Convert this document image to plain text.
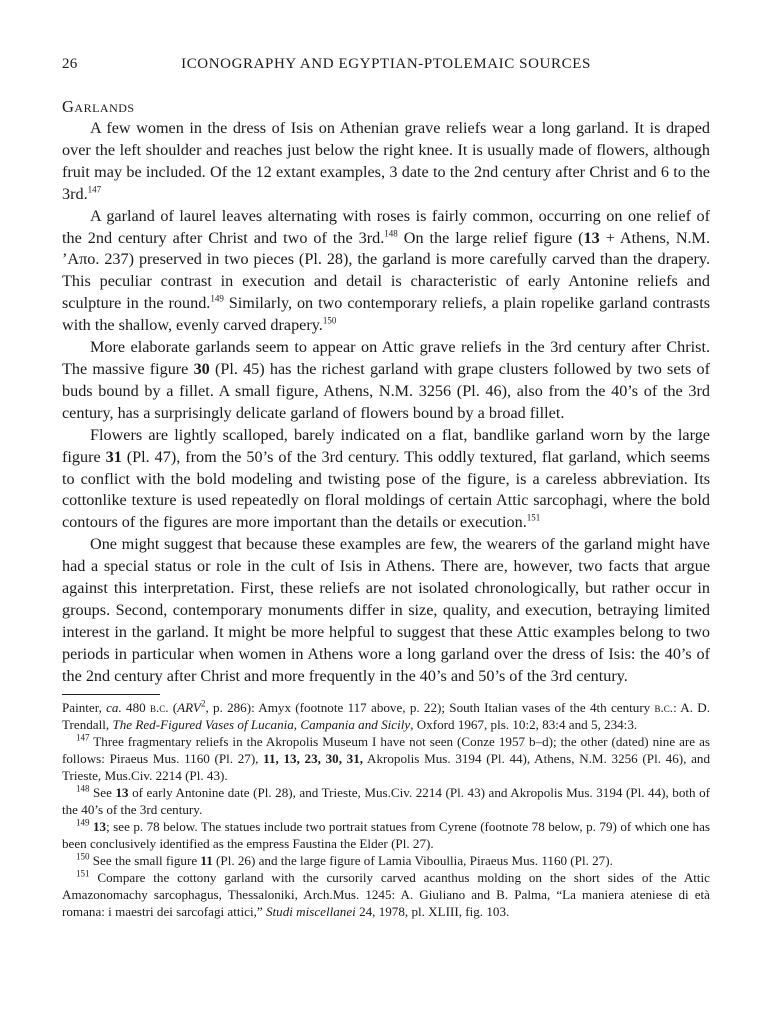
26	ICONOGRAPHY AND EGYPTIAN-PTOLEMAIC SOURCES
Garlands

A few women in the dress of Isis on Athenian grave reliefs wear a long garland. It is draped over the left shoulder and reaches just below the right knee. It is usually made of flowers, although fruit may be included. Of the 12 extant examples, 3 date to the 2nd century after Christ and 6 to the 3rd.$^{147}$

A garland of laurel leaves alternating with roses is fairly common, occurring on one relief of the 2nd century after Christ and two of the 3rd.$^{148}$ On the large relief figure (13 + Athens, N.M. ’Aπo. 237) preserved in two pieces (Pl. 28), the garland is more carefully carved than the drapery. This peculiar contrast in execution and detail is characteristic of early Antonine reliefs and sculpture in the round.$^{149}$ Similarly, on two contemporary reliefs, a plain ropelike garland contrasts with the shallow, evenly carved drapery.$^{150}$

More elaborate garlands seem to appear on Attic grave reliefs in the 3rd century after Christ. The massive figure 30 (Pl. 45) has the richest garland with grape clusters followed by two sets of buds bound by a fillet. A small figure, Athens, N.M. 3256 (Pl. 46), also from the 40’s of the 3rd century, has a surprisingly delicate garland of flowers bound by a broad fillet.

Flowers are lightly scalloped, barely indicated on a flat, bandlike garland worn by the large figure 31 (Pl. 47), from the 50’s of the 3rd century. This oddly textured, flat garland, which seems to conflict with the bold modeling and twisting pose of the figure, is a careless abbreviation. Its cottonlike texture is used repeatedly on floral moldings of certain Attic sarcophagi, where the bold contours of the figures are more important than the details or execution.$^{151}$

One might suggest that because these examples are few, the wearers of the garland might have had a special status or role in the cult of Isis in Athens. There are, however, two facts that argue against this interpretation. First, these reliefs are not isolated chronologically, but rather occur in groups. Second, contemporary monuments differ in size, quality, and execution, betraying limited interest in the garland. It might be more helpful to suggest that these Attic examples belong to two periods in particular when women in Athens wore a long garland over the dress of Isis: the 40’s of the 2nd century after Christ and more frequently in the 40’s and 50’s of the 3rd century.

Painter, ca. 480 b.c. (ARV$^2$, p. 286): Amyx (footnote 117 above, p. 22); South Italian vases of the 4th century b.c.: A. D. Trendall, The Red-Figured Vases of Lucania, Campania and Sicily, Oxford 1967, pls. 10:2, 83:4 and 5, 234:3.

$^{147}$ Three fragmentary reliefs in the Akropolis Museum I have not seen (Conze 1957 b–d); the other (dated) nine are as follows: Piraeus Mus. 1160 (Pl. 27), 11, 13, 23, 30, 31, Akropolis Mus. 3194 (Pl. 44), Athens, N.M. 3256 (Pl. 46), and Trieste, Mus.Civ. 2214 (Pl. 43).

$^{148}$ See 13 of early Antonine date (Pl. 28), and Trieste, Mus.Civ. 2214 (Pl. 43) and Akropolis Mus. 3194 (Pl. 44), both of the 40’s of the 3rd century.

$^{149}$ 13; see p. 78 below. The statues include two portrait statues from Cyrene (footnote 78 below, p. 79) of which one has been conclusively identified as the empress Faustina the Elder (Pl. 27).

$^{150}$ See the small figure 11 (Pl. 26) and the large figure of Lamia Viboullia, Piraeus Mus. 1160 (Pl. 27).

$^{151}$ Compare the cottony garland with the cursorily carved acanthus molding on the short sides of the Attic Amazonomachy sarcophagus, Thessaloniki, Arch.Mus. 1245: A. Giuliano and B. Palma, “La maniera ateniese di età romana: i maestri dei sarcofagi attici,” Studi miscellanei 24, 1978, pl. XLIII, fig. 103.
